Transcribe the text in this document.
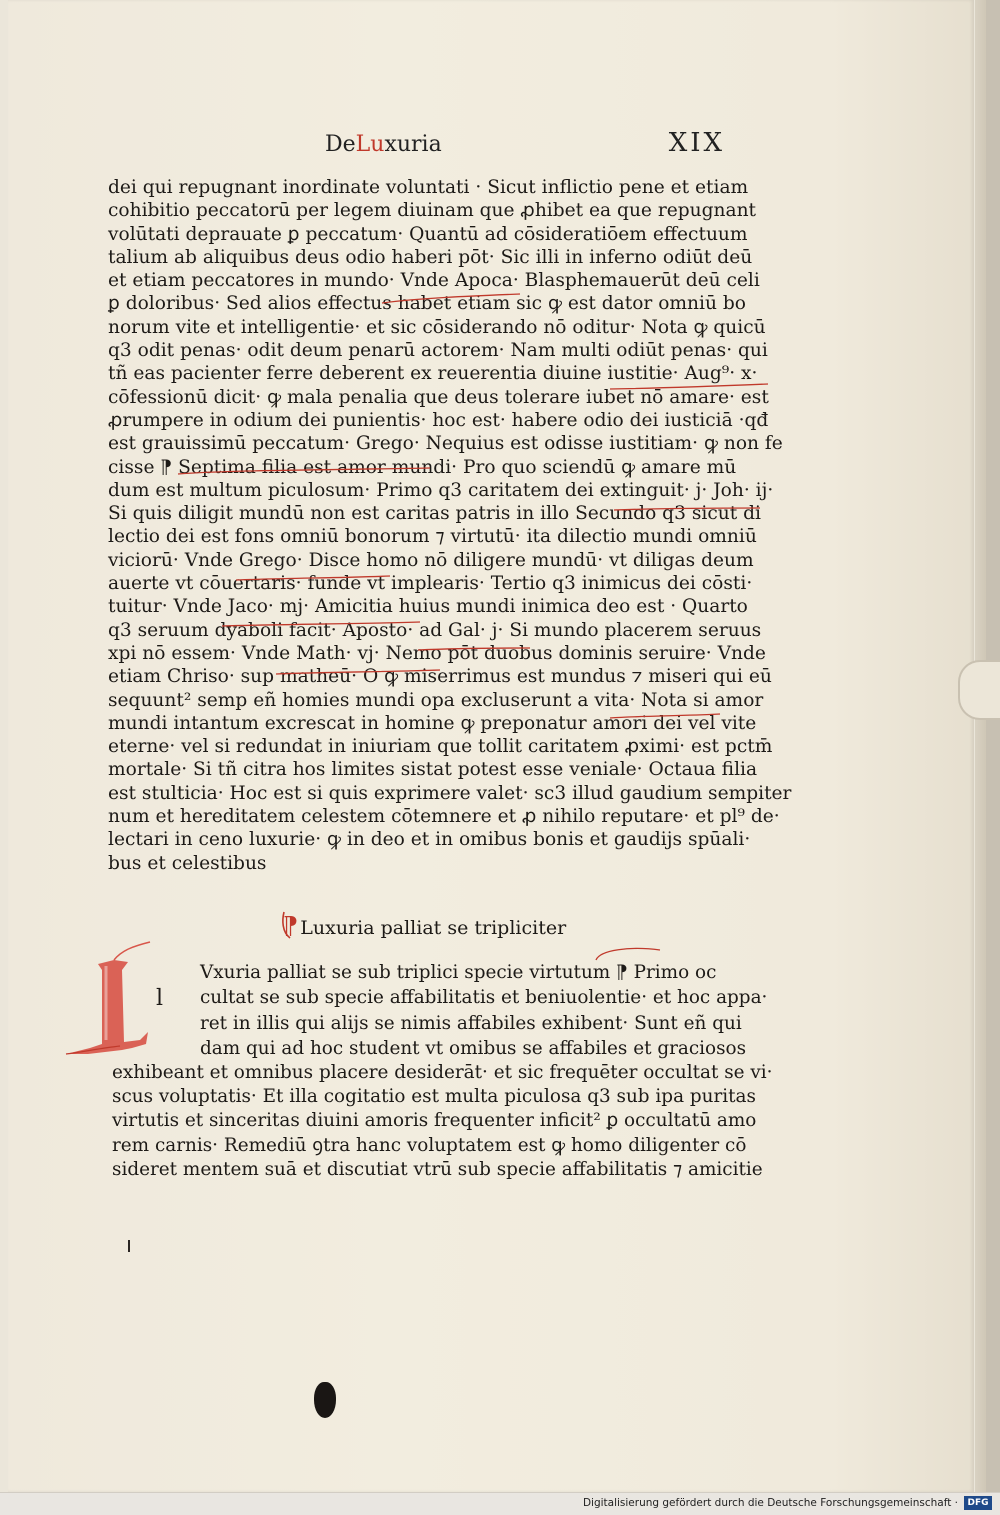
DeLuxuria	XIX
dei qui repugnant inordinate voluntati · Sicut inflictio pene et etiam
cohibitio peccatorū per legem diuinam que ꝓhibet ea que repugnant
volūtati deprauate ꝑ peccatum· Quantū ad cōsideratiōem effectuum
talium ab aliquibus deus odio haberi pōt· Sic illi in inferno odiūt deū
et etiam peccatores in mundo· Vnde Apoca· Blasphemauerūt deū celi
ꝑ doloribus· Sed alios effectus habet etiam sic ꝙ est dator omniū bo
norum vite et intelligentie· et sic cōsiderando nō oditur· Nota ꝙ quicū
q3 odit penas· odit deum penarū actorem· Nam multi odiūt penas· qui
tñ eas pacienter ferre deberent ex reuerentia diuine iustitie· Aug⁹· x·
cōfessionū dicit· ꝙ mala penalia que deus tolerare iubet nō amare· est
ꝓrumpere in odium dei punientis· hoc est· habere odio dei iusticiā ·qđ
est grauissimū peccatum· Grego· Nequius est odisse iustitiam· ꝙ non fe
cisse ⁋ Septima filia est amor mundi· Pro quo sciendū ꝙ amare mū
dum est multum piculosum· Primo q3 caritatem dei extinguit· j· Joh· ij·
Si quis diligit mundū non est caritas patris in illo Secundo q3 sicut di
lectio dei est fons omniū bonorum ⁊ virtutū· ita dilectio mundi omniū
viciorū· Vnde Grego· Disce homo nō diligere mundū· vt diligas deum
auerte vt cōuertaris· funde vt implearis· Tertio q3 inimicus dei cōsti·
tuitur· Vnde Jaco· mj· Amicitia huius mundi inimica deo est · Quarto
q3 seruum dyaboli facit· Aposto· ad Gal· j· Si mundo placerem seruus
xpi nō essem· Vnde Math· vj· Nemo pōt duobus dominis seruire· Vnde
etiam Chriso· sup matheū· O ꝙ miserrimus est mundus ⁊ miseri qui eū
sequunt² semp eñ homies mundi opa excluserunt a vita· Nota si amor
mundi intantum excrescat in homine ꝙ preponatur amori dei vel vite
eterne· vel si redundat in iniuriam que tollit caritatem ꝓximi· est pctm̄
mortale· Si tñ citra hos limites sistat potest esse veniale· Octaua filia
est stulticia· Hoc est si quis exprimere valet· sc3 illud gaudium sempiter
num et hereditatem celestem cōtemnere et ꝓ nihilo reputare· et pl⁹ de·
lectari in ceno luxurie· ꝙ in deo et in omibus bonis et gaudijs spūali·
bus et celestibus
⁋ Luxuria palliat se tripliciter
l
Vxuria palliat se sub triplici specie virtutum ⁋ Primo oc
cultat se sub specie affabilitatis et beniuolentie· et hoc appa·
ret in illis qui alijs se nimis affabiles exhibent· Sunt eñ qui
dam qui ad hoc student vt omibus se affabiles et graciosos
exhibeant et omnibus placere desiderāt· et sic frequēter occultat se vi·
scus voluptatis· Et illa cogitatio est multa piculosa q3 sub ipa puritas
virtutis et sinceritas diuini amoris frequenter inficit² ꝑ occultatū amo
rem carnis· Remediū ꝯtra hanc voluptatem est ꝙ homo diligenter cō
sideret mentem suā et discutiat vtrū sub specie affabilitatis ⁊ amicitie
Digitalisierung gefördert durch die Deutsche Forschungsgemeinschaft ·	DFG
